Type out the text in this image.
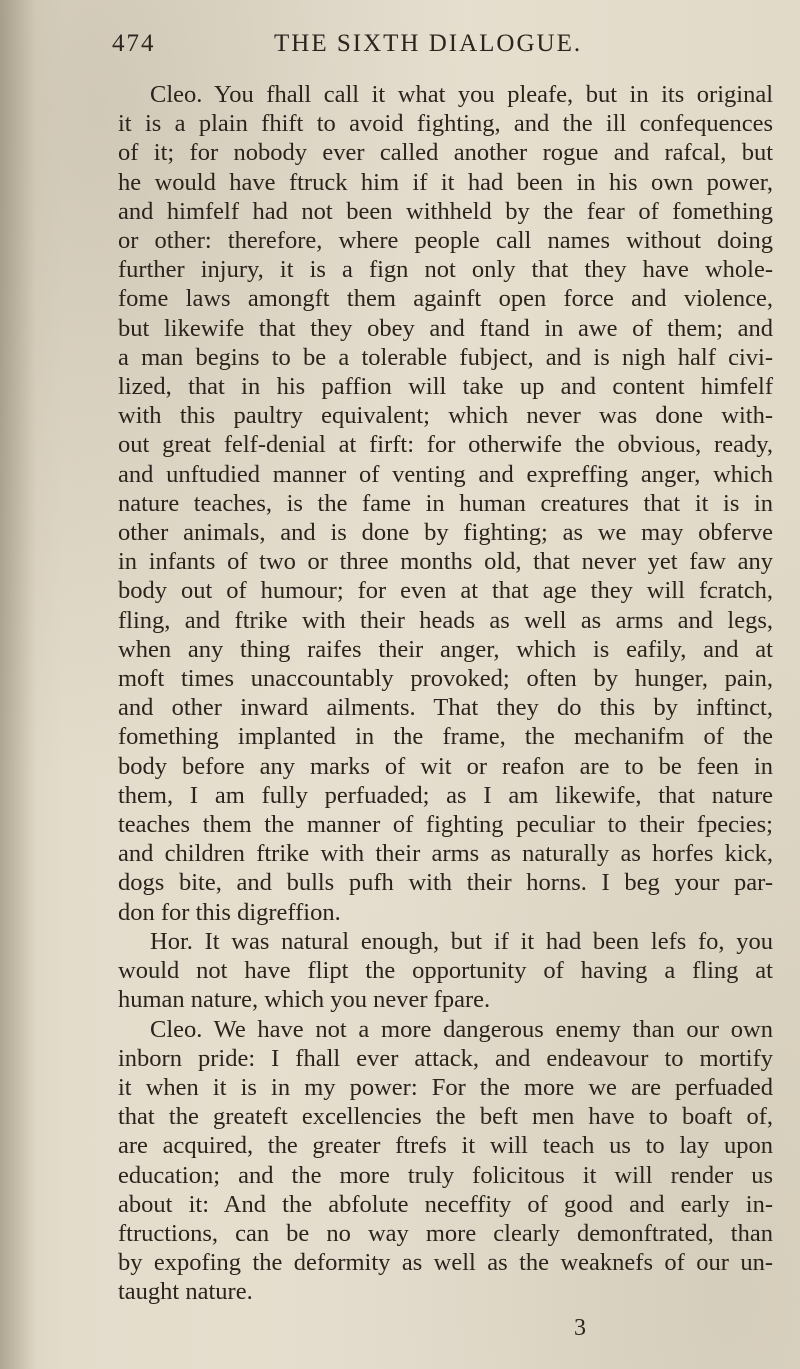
474	THE SIXTH DIALOGUE.
Cleo. You fhall call it what you pleafe, but in its original
it is a plain fhift to avoid fighting, and the ill confequences
of it; for nobody ever called another rogue and rafcal, but
he would have ftruck him if it had been in his own power,
and himfelf had not been withheld by the fear of fomething
or other: therefore, where people call names without doing
further injury, it is a fign not only that they have whole-
fome laws amongft them againft open force and violence,
but likewife that they obey and ftand in awe of them; and
a man begins to be a tolerable fubject, and is nigh half civi-
lized, that in his paffion will take up and content himfelf
with this paultry equivalent; which never was done with-
out great felf-denial at firft: for otherwife the obvious, ready,
and unftudied manner of venting and expreffing anger, which
nature teaches, is the fame in human creatures that it is in
other animals, and is done by fighting; as we may obferve
in infants of two or three months old, that never yet faw any
body out of humour; for even at that age they will fcratch,
fling, and ftrike with their heads as well as arms and legs,
when any thing raifes their anger, which is eafily, and at
moft times unaccountably provoked; often by hunger, pain,
and other inward ailments. That they do this by inftinct,
fomething implanted in the frame, the mechanifm of the
body before any marks of wit or reafon are to be feen in
them, I am fully perfuaded; as I am likewife, that nature
teaches them the manner of fighting peculiar to their fpecies;
and children ftrike with their arms as naturally as horfes kick,
dogs bite, and bulls pufh with their horns. I beg your par-
don for this digreffion.
Hor. It was natural enough, but if it had been lefs fo, you
would not have flipt the opportunity of having a fling at
human nature, which you never fpare.
Cleo. We have not a more dangerous enemy than our own
inborn pride: I fhall ever attack, and endeavour to mortify
it when it is in my power: For the more we are perfuaded
that the greateft excellencies the beft men have to boaft of,
are acquired, the greater ftrefs it will teach us to lay upon
education; and the more truly folicitous it will render us
about it: And the abfolute neceffity of good and early in-
ftructions, can be no way more clearly demonftrated, than
by expofing the deformity as well as the weaknefs of our un-
taught nature.
3
